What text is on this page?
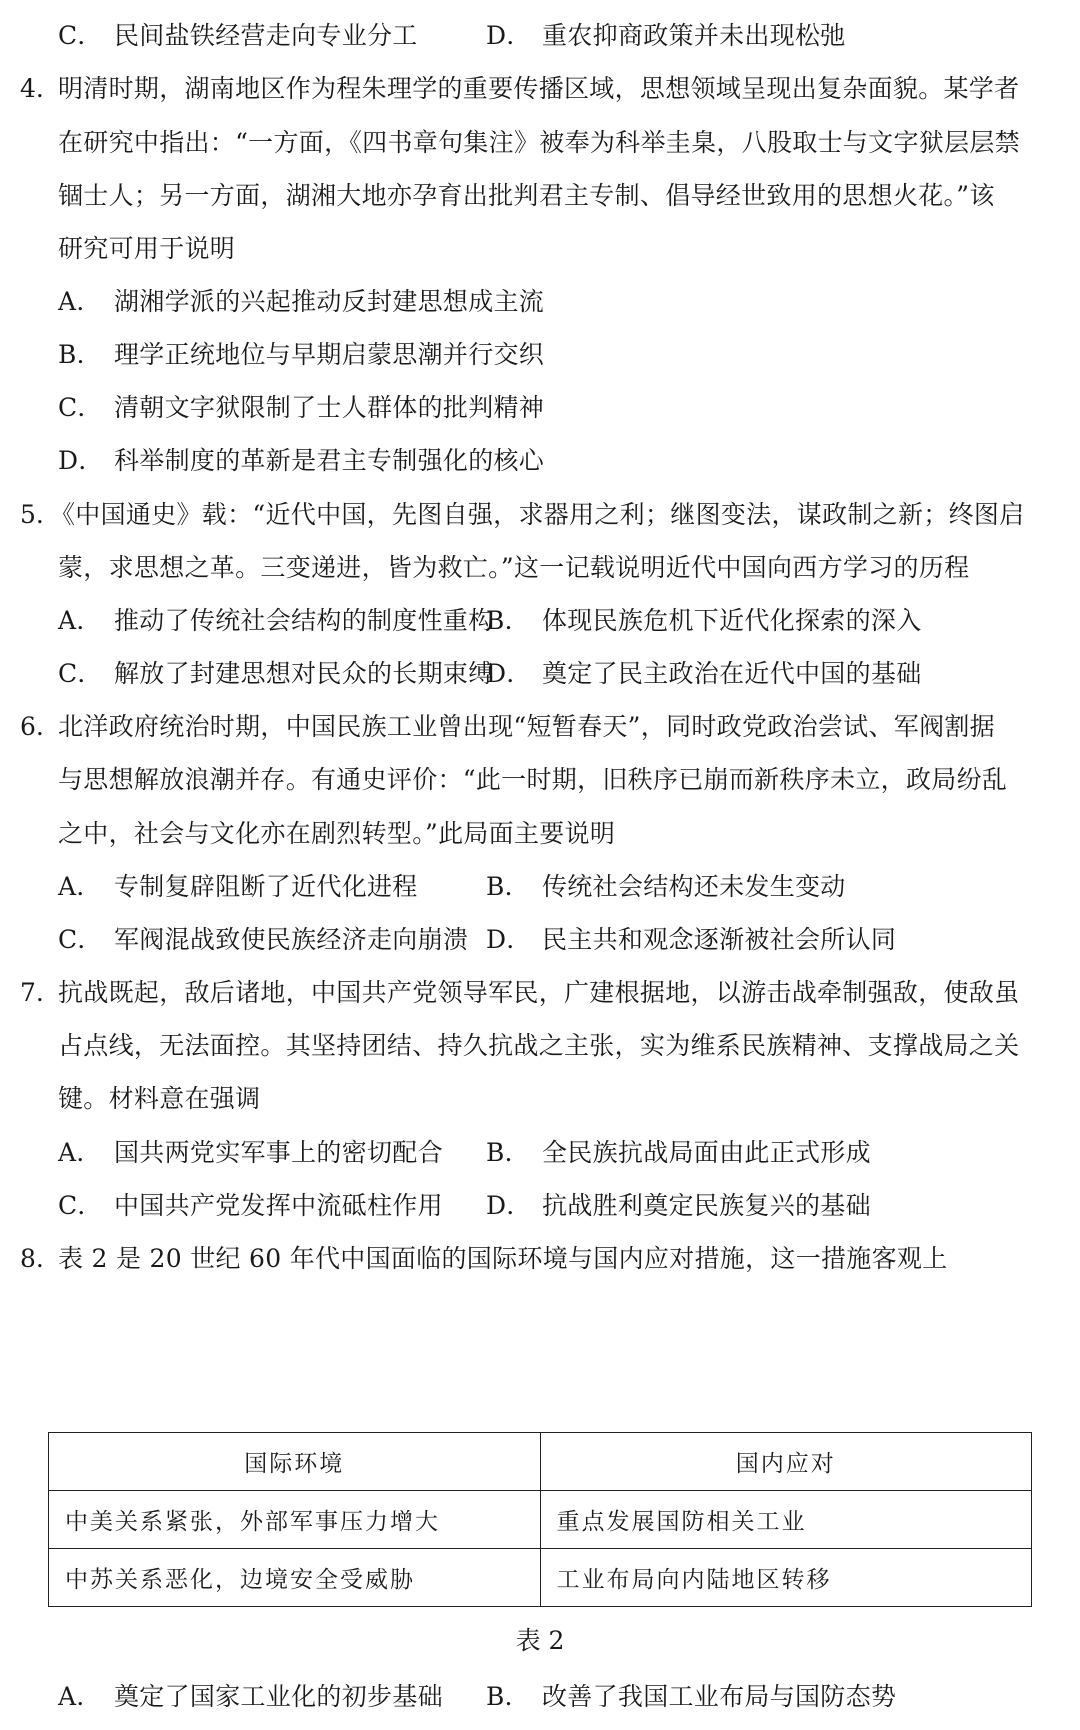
C． 民间盐铁经营走向专业分工	D． 重农抑商政策并未出现松弛
4. 明清时期，湖南地区作为程朱理学的重要传播区域，思想领域呈现出复杂面貌。某学者
在研究中指出：“一方面，《四书章句集注》被奉为科举圭臬，八股取士与文字狱层层禁
锢士人；另一方面，湖湘大地亦孕育出批判君主专制、倡导经世致用的思想火花。”该
研究可用于说明
A． 湖湘学派的兴起推动反封建思想成主流
B． 理学正统地位与早期启蒙思潮并行交织
C． 清朝文字狱限制了士人群体的批判精神
D． 科举制度的革新是君主专制强化的核心
5. 《中国通史》载：“近代中国，先图自强，求器用之利；继图变法，谋政制之新；终图启
蒙，求思想之革。三变递进，皆为救亡。”这一记载说明近代中国向西方学习的历程
A． 推动了传统社会结构的制度性重构
B． 体现民族危机下近代化探索的深入
C． 解放了封建思想对民众的长期束缚
D． 奠定了民主政治在近代中国的基础
6. 北洋政府统治时期，中国民族工业曾出现“短暂春天”，同时政党政治尝试、军阀割据
与思想解放浪潮并存。有通史评价：“此一时期，旧秩序已崩而新秩序未立，政局纷乱
之中，社会与文化亦在剧烈转型。”此局面主要说明
A． 专制复辟阻断了近代化进程	B． 传统社会结构还未发生变动
C． 军阀混战致使民族经济走向崩溃 D． 民主共和观念逐渐被社会所认同
7. 抗战既起，敌后诸地，中国共产党领导军民，广建根据地，以游击战牵制强敌，使敌虽
占点线，无法面控。其坚持团结、持久抗战之主张，实为维系民族精神、支撑战局之关
键。材料意在强调
A． 国共两党实军事上的密切配合 B． 全民族抗战局面由此正式形成
C． 中国共产党发挥中流砥柱作用 D． 抗战胜利奠定民族复兴的基础
8. 表 2 是 20 世纪 60 年代中国面临的国际环境与国内应对措施，这一措施客观上
国际环境	国内应对
中美关系紧张，外部军事压力增大	重点发展国防相关工业
中苏关系恶化，边境安全受威胁	工业布局向内陆地区转移
表 2
A． 奠定了国家工业化的初步基础 B． 改善了我国工业布局与国防态势
